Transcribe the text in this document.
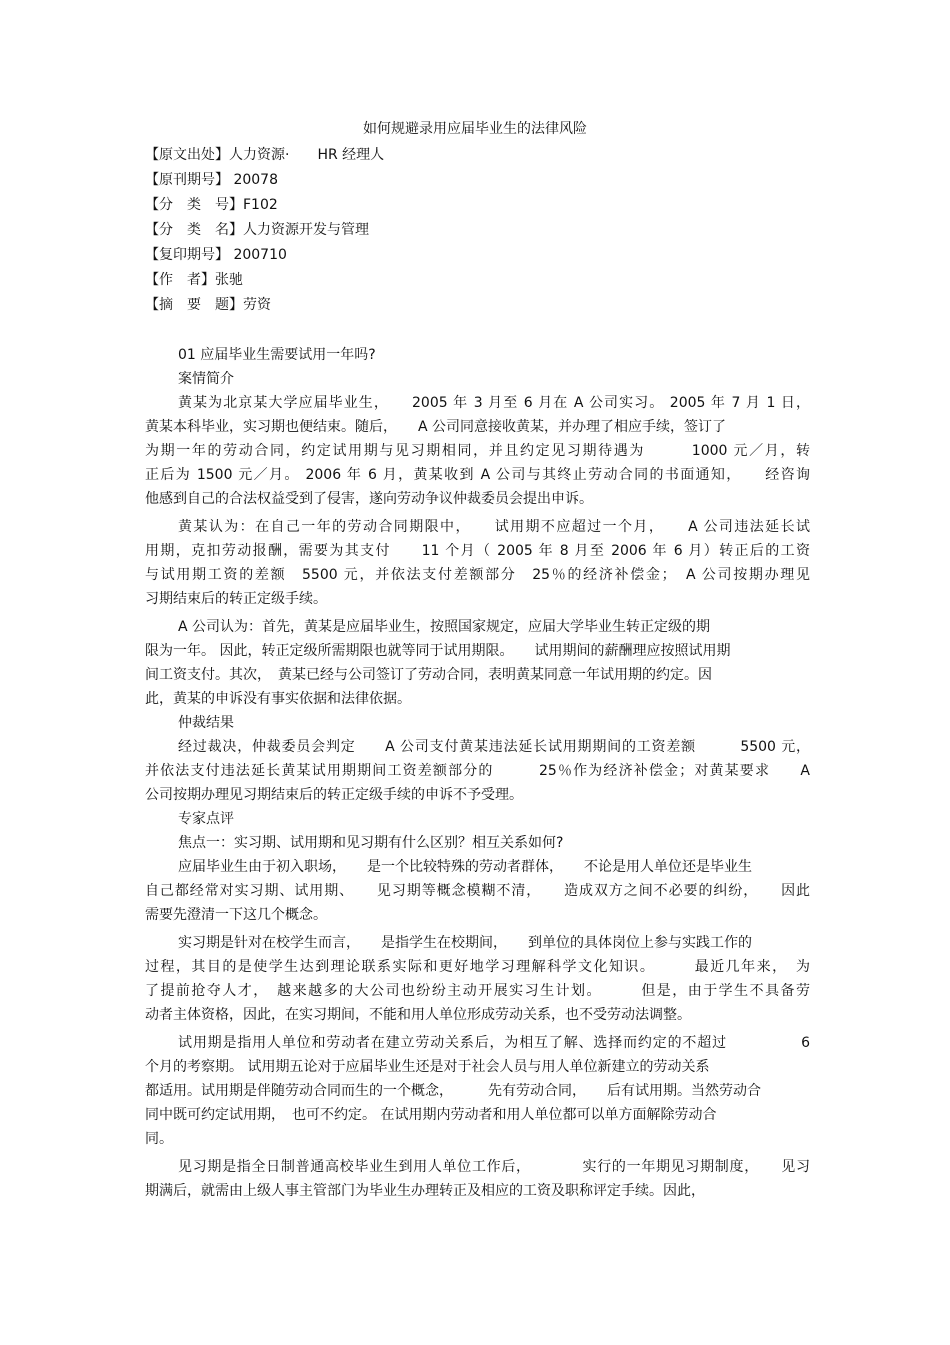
如何规避录用应届毕业生的法律风险
【原文出处】人力资源·　　HR 经理人
【原刊期号】 20078
【分　类　号】F102
【分　类　名】人力资源开发与管理
【复印期号】 200710
【作　者】张驰
【摘　要　题】劳资
01 应届毕业生需要试用一年吗?
案情简介
黄某为北京某大学应届毕业生，　　2005 年 3 月至 6 月在 A 公司实习。 2005 年 7 月 1 日，
黄某本科毕业，实习期也便结束。随后，　　A 公司同意接收黄某，并办理了相应手续，签订了
为期一年的劳动合同，约定试用期与见习期相同，并且约定见习期待遇为　　　1000 元／月，转
正后为 1500 元／月。 2006 年 6 月，黄某收到 A 公司与其终止劳动合同的书面通知，　　经咨询
他感到自己的合法权益受到了侵害，遂向劳动争议仲裁委员会提出申诉。
黄某认为：在自己一年的劳动合同期限中，　　试用期不应超过一个月，　　A 公司违法延长试
用期，克扣劳动报酬，需要为其支付　　11 个月（ 2005 年 8 月至 2006 年 6 月）转正后的工资
与试用期工资的差额　5500 元，并依法支付差额部分　25％的经济补偿金；　A 公司按期办理见
习期结束后的转正定级手续。
A 公司认为：首先，黄某是应届毕业生，按照国家规定，应届大学毕业生转正定级的期
限为一年。 因此，转正定级所需期限也就等同于试用期限。　　试用期间的薪酬理应按照试用期
间工资支付。其次，　黄某已经与公司签订了劳动合同，表明黄某同意一年试用期的约定。因
此，黄某的申诉没有事实依据和法律依据。
仲裁结果
经过裁决，仲裁委员会判定　　A 公司支付黄某违法延长试用期期间的工资差额　　　5500 元，
并依法支付违法延长黄某试用期期间工资差额部分的　　　25％作为经济补偿金；对黄某要求　　A
公司按期办理见习期结束后的转正定级手续的申诉不予受理。
专家点评
焦点一：实习期、试用期和见习期有什么区别？相互关系如何?
应届毕业生由于初入职场，　　是一个比较特殊的劳动者群体，　　不论是用人单位还是毕业生
自己都经常对实习期、试用期、　　见习期等概念模糊不清，　　造成双方之间不必要的纠纷，　　因此
需要先澄清一下这几个概念。
实习期是针对在校学生而言，　　是指学生在校期间，　　到单位的具体岗位上参与实践工作的
过程，其目的是使学生达到理论联系实际和更好地学习理解科学文化知识。　　　最近几年来，　为
了提前抢夺人才，　越来越多的大公司也纷纷主动开展实习生计划。　　　但是，由于学生不具备劳
动者主体资格，因此，在实习期间，不能和用人单位形成劳动关系，也不受劳动法调整。
试用期是指用人单位和劳动者在建立劳动关系后，为相互了解、选择而约定的不超过　　　　　6
个月的考察期。 试用期五论对于应届毕业生还是对于社会人员与用人单位新建立的劳动关系
都适用。试用期是伴随劳动合同而生的一个概念，　　　先有劳动合同，　　后有试用期。当然劳动合
同中既可约定试用期，　也可不约定。 在试用期内劳动者和用人单位都可以单方面解除劳动合
同。
见习期是指全日制普通高校毕业生到用人单位工作后，　　　　实行的一年期见习期制度，　　见习
期满后，就需由上级人事主管部门为毕业生办理转正及相应的工资及职称评定手续。因此，
